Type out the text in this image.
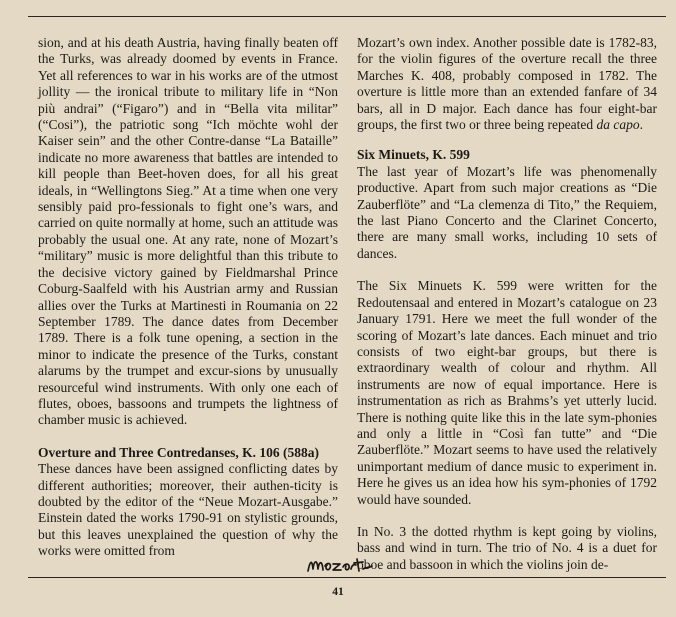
sion, and at his death Austria, having finally beaten off the Turks, was already doomed by events in France. Yet all references to war in his works are of the utmost jollity — the ironical tribute to military life in “Non più andrai” (“Figaro”) and in “Bella vita militar” (“Cosi”), the patriotic song “Ich möchte wohl der Kaiser sein” and the other Contre-danse “La Bataille” indicate no more awareness that battles are intended to kill people than Beet-hoven does, for all his great ideals, in “Wellingtons Sieg.” At a time when one very sensibly paid pro-fessionals to fight one’s wars, and carried on quite normally at home, such an attitude was probably the usual one. At any rate, none of Mozart’s “military” music is more delightful than this tribute to the decisive victory gained by Fieldmarshal Prince Coburg-Saalfeld with his Austrian army and Russian allies over the Turks at Martinesti in Roumania on 22 September 1789. The dance dates from December 1789. There is a folk tune opening, a section in the minor to indicate the presence of the Turks, constant alarums by the trumpet and excur-sions by unusually resourceful wind instruments. With only one each of flutes, oboes, bassoons and trumpets the lightness of chamber music is achieved.

Overture and Three Contredanses, K. 106 (588a)

These dances have been assigned conflicting dates by different authorities; moreover, their authen-ticity is doubted by the editor of the “Neue Mozart-Ausgabe.” Einstein dated the works 1790-91 on stylistic grounds, but this leaves unexplained the question of why the works were omitted from

Mozart’s own index. Another possible date is 1782-83, for the violin figures of the overture recall the three Marches K. 408, probably composed in 1782. The overture is little more than an extended fanfare of 34 bars, all in D major. Each dance has four eight-bar groups, the first two or three being repeated da capo.

Six Minuets, K. 599

The last year of Mozart’s life was phenomenally productive. Apart from such major creations as “Die Zauberflöte” and “La clemenza di Tito,” the Requiem, the last Piano Concerto and the Clarinet Concerto, there are many small works, including 10 sets of dances.

The Six Minuets K. 599 were written for the Redoutensaal and entered in Mozart’s catalogue on 23 January 1791. Here we meet the full wonder of the scoring of Mozart’s late dances. Each minuet and trio consists of two eight-bar groups, but there is extraordinary wealth of colour and rhythm. All instruments are now of equal importance. Here is instrumentation as rich as Brahms’s yet utterly lucid. There is nothing quite like this in the late sym-phonies and only a little in “Così fan tutte” and “Die Zauberflöte.” Mozart seems to have used the relatively unimportant medium of dance music to experiment in. Here he gives us an idea how his sym-phonies of 1792 would have sounded.

In No. 3 the dotted rhythm is kept going by violins, bass and wind in turn. The trio of No. 4 is a duet for oboe and bassoon in which the violins join de-

41
